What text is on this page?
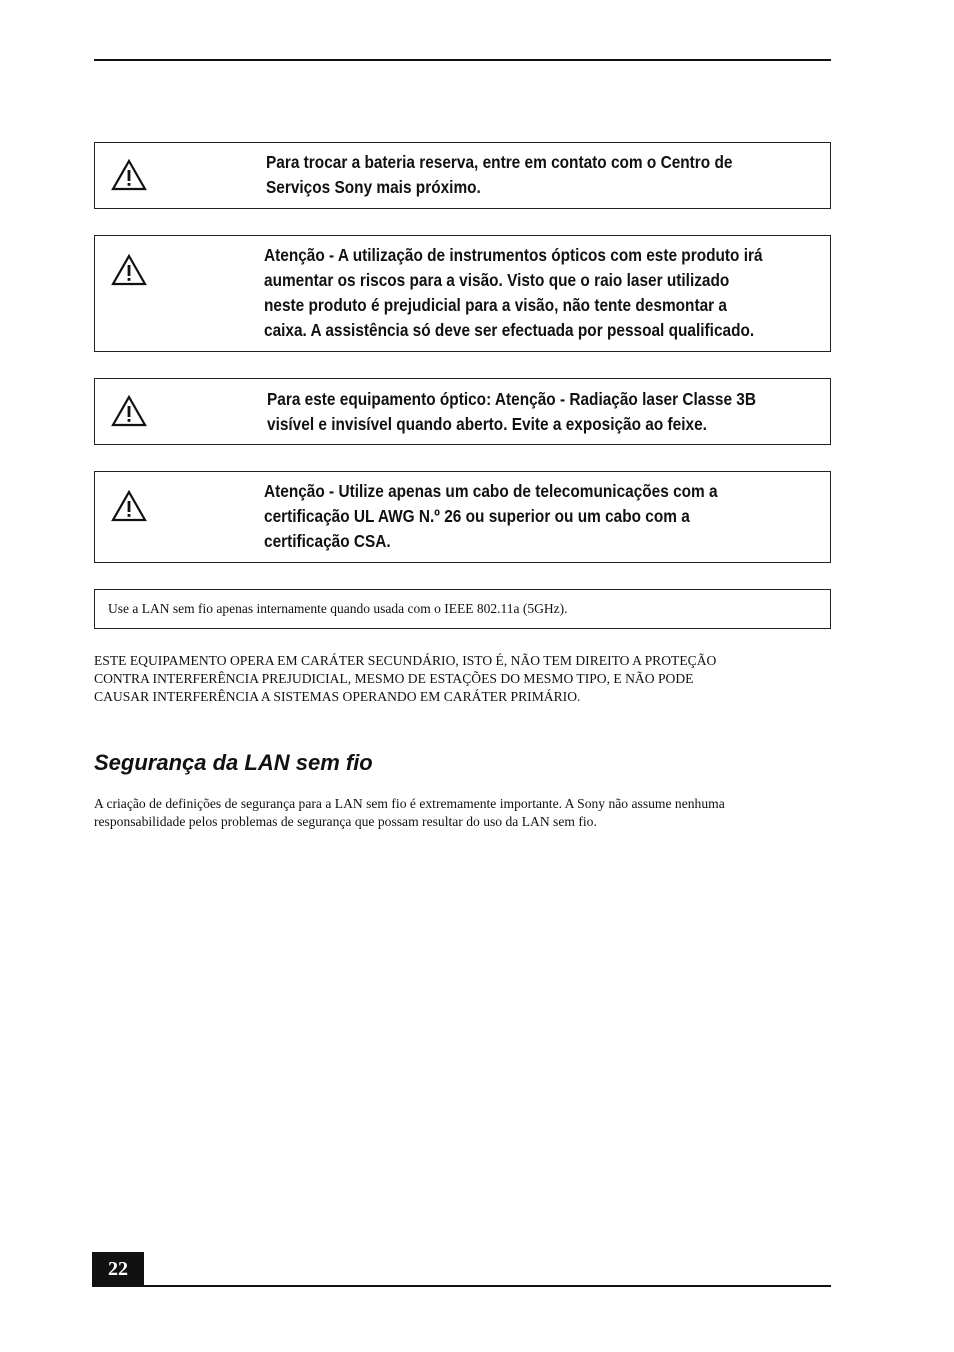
Para trocar a bateria reserva, entre em contato com o Centro de
Serviços Sony mais próximo.
Atenção - A utilização de instrumentos ópticos com este produto irá
aumentar os riscos para a visão. Visto que o raio laser utilizado
neste produto é prejudicial para a visão, não tente desmontar a
caixa. A assistência só deve ser efectuada por pessoal qualificado.
Para este equipamento óptico: Atenção - Radiação laser Classe 3B
visível e invisível quando aberto. Evite a exposição ao feixe.
Atenção - Utilize apenas um cabo de telecomunicações com a
certificação UL AWG N.º 26 ou superior ou um cabo com a
certificação CSA.
Use a LAN sem fio apenas internamente quando usada com o IEEE 802.11a (5GHz).
ESTE EQUIPAMENTO OPERA EM CARÁTER SECUNDÁRIO, ISTO É, NÃO TEM DIREITO A PROTEÇÃO
CONTRA INTERFERÊNCIA PREJUDICIAL, MESMO DE ESTAÇÕES DO MESMO TIPO, E NÃO PODE
CAUSAR INTERFERÊNCIA A SISTEMAS OPERANDO EM CARÁTER PRIMÁRIO.
Segurança da LAN sem fio
A criação de definições de segurança para a LAN sem fio é extremamente importante. A Sony não assume nenhuma
responsabilidade pelos problemas de segurança que possam resultar do uso da LAN sem fio.
22
